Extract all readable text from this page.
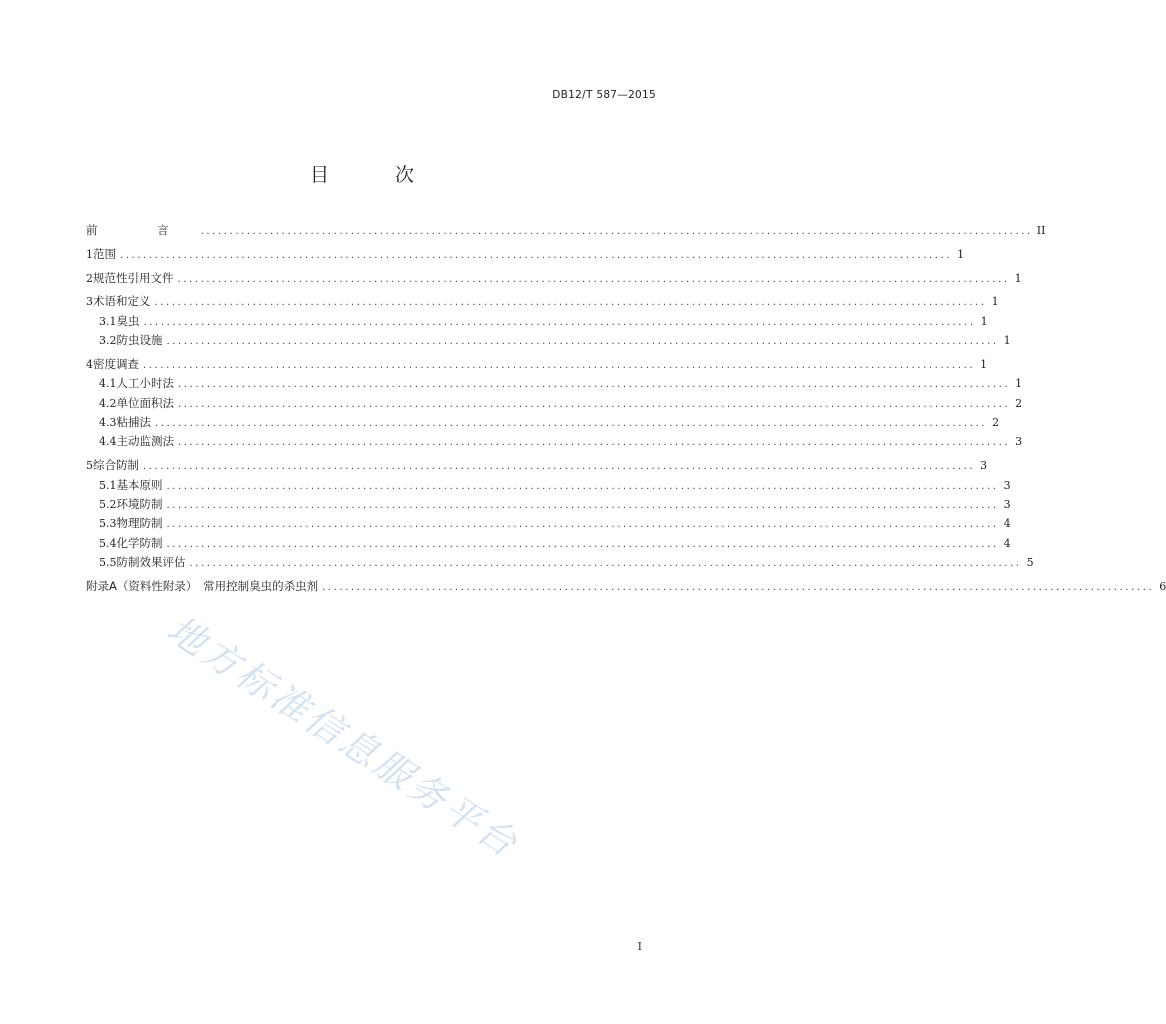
DB12/T 587—2015
目 次
前 言 ................................................................................................................................................ II
1 范围 ................................................................................................................................................ 1
2 规范性引用文件 ................................................................................................................................................ 1
3 术语和定义 ................................................................................................................................................ 1
3.1 臭虫 ................................................................................................................................................ 1
3.2 防虫设施 ................................................................................................................................................ 1
4 密度调查 ................................................................................................................................................ 1
4.1 人工小时法 ................................................................................................................................................ 1
4.2 单位面积法 ................................................................................................................................................ 2
4.3 粘捕法 ................................................................................................................................................ 2
4.4 主动监测法 ................................................................................................................................................ 3
5 综合防制 ................................................................................................................................................ 3
5.1 基本原则 ................................................................................................................................................ 3
5.2 环境防制 ................................................................................................................................................ 3
5.3 物理防制 ................................................................................................................................................ 4
5.4 化学防制 ................................................................................................................................................ 4
5.5 防制效果评估 ................................................................................................................................................ 5
附录A（资料性附录）　常用控制臭虫的杀虫剂 ................................................................................................................................................ 6
地方标准信息服务平台
I
